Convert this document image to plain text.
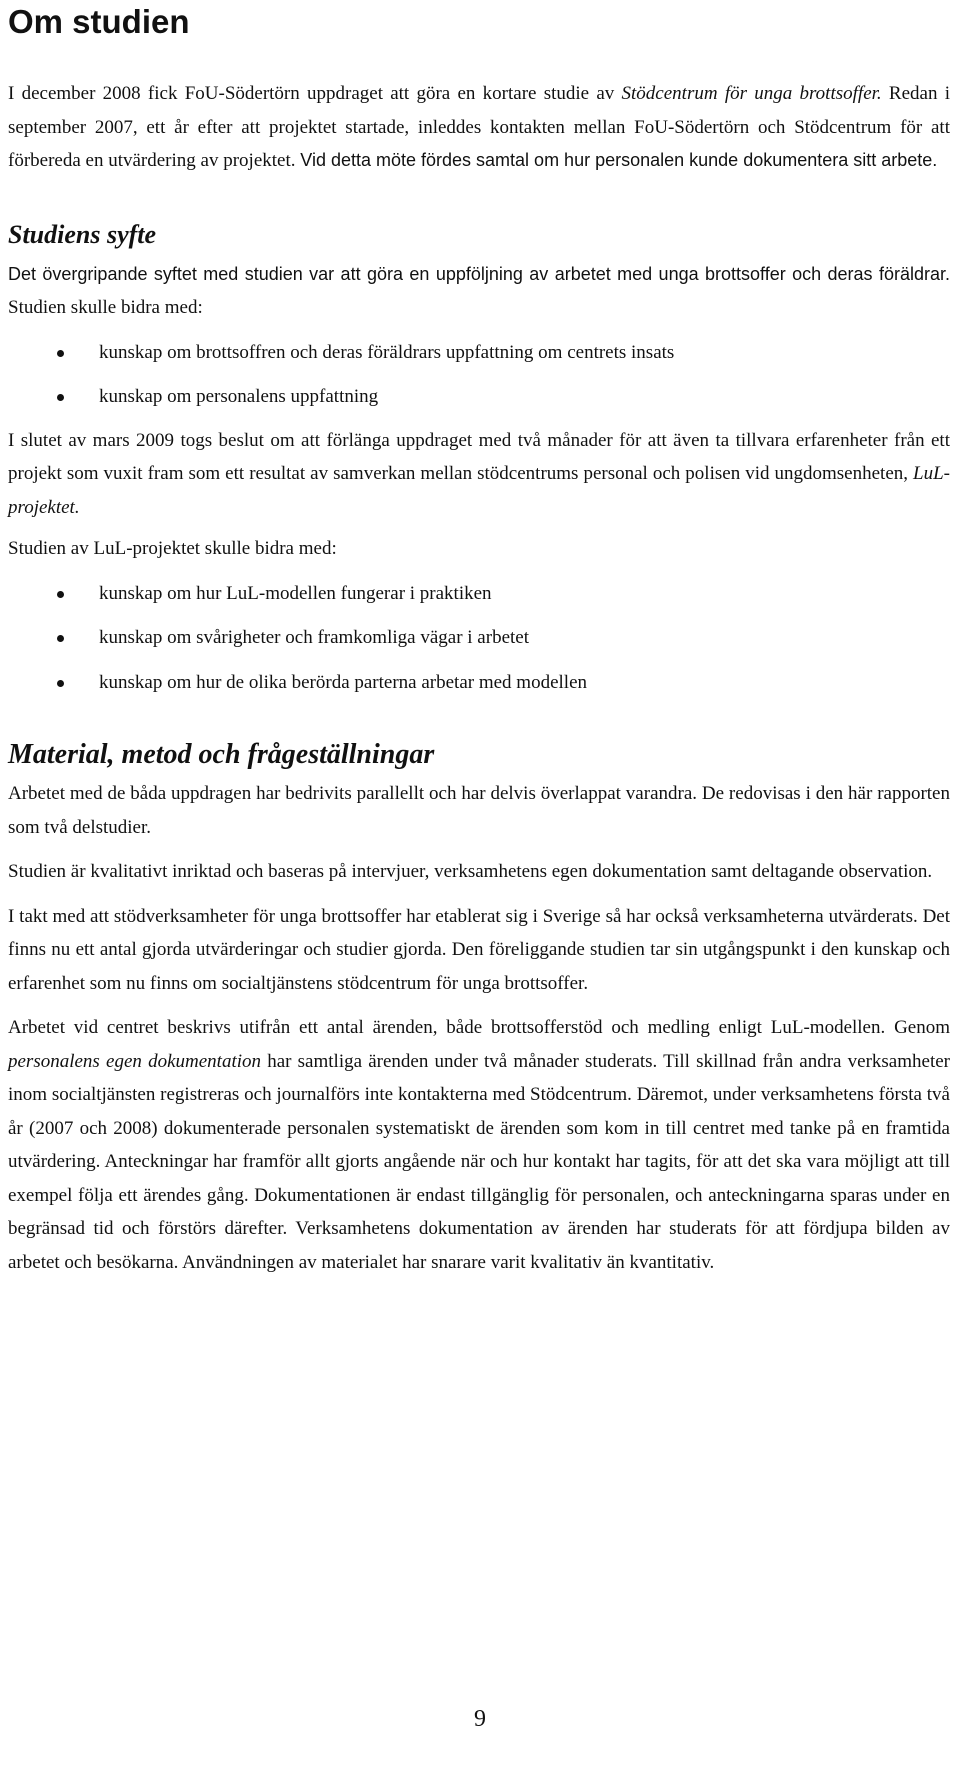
Om studien

I december 2008 fick FoU-Södertörn uppdraget att göra en kortare studie av Stödcentrum för unga brottsoffer. Redan i september 2007, ett år efter att projektet startade, inleddes kontakten mellan FoU-Södertörn och Stödcentrum för att förbereda en utvärdering av projektet. Vid detta möte fördes samtal om hur personalen kunde dokumentera sitt arbete.

Studiens syfte

Det övergripande syftet med studien var att göra en uppföljning av arbetet med unga brottsoffer och deras föräldrar. Studien skulle bidra med:

kunskap om brottsoffren och deras föräldrars uppfattning om centrets insats
kunskap om personalens uppfattning

I slutet av mars 2009 togs beslut om att förlänga uppdraget med två månader för att även ta tillvara erfarenheter från ett projekt som vuxit fram som ett resultat av samverkan mellan stödcentrums personal och polisen vid ungdomsenheten, LuL-projektet.

Studien av LuL-projektet skulle bidra med:

kunskap om hur LuL-modellen fungerar i praktiken
kunskap om svårigheter och framkomliga vägar i arbetet
kunskap om hur de olika berörda parterna arbetar med modellen
Material, metod och frågeställningar

Arbetet med de båda uppdragen har bedrivits parallellt och har delvis överlappat varandra. De redovisas i den här rapporten som två delstudier.

Studien är kvalitativt inriktad och baseras på intervjuer, verksamhetens egen dokumentation samt deltagande observation.

I takt med att stödverksamheter för unga brottsoffer har etablerat sig i Sverige så har också verksamheterna utvärderats. Det finns nu ett antal gjorda utvärderingar och studier gjorda. Den föreliggande studien tar sin utgångspunkt i den kunskap och erfarenhet som nu finns om socialtjänstens stödcentrum för unga brottsoffer.

Arbetet vid centret beskrivs utifrån ett antal ärenden, både brottsofferstöd och medling enligt LuL-modellen. Genom personalens egen dokumentation har samtliga ärenden under två månader studerats. Till skillnad från andra verksamheter inom socialtjänsten registreras och journalförs inte kontakterna med Stödcentrum. Däremot, under verksamhetens första två år (2007 och 2008) dokumenterade personalen systematiskt de ärenden som kom in till centret med tanke på en framtida utvärdering. Anteckningar har framför allt gjorts angående när och hur kontakt har tagits, för att det ska vara möjligt att till exempel följa ett ärendes gång. Dokumentationen är endast tillgänglig för personalen, och anteckningarna sparas under en begränsad tid och förstörs därefter. Verksamhetens dokumentation av ärenden har studerats för att fördjupa bilden av arbetet och besökarna. Användningen av materialet har snarare varit kvalitativ än kvantitativ.

9
